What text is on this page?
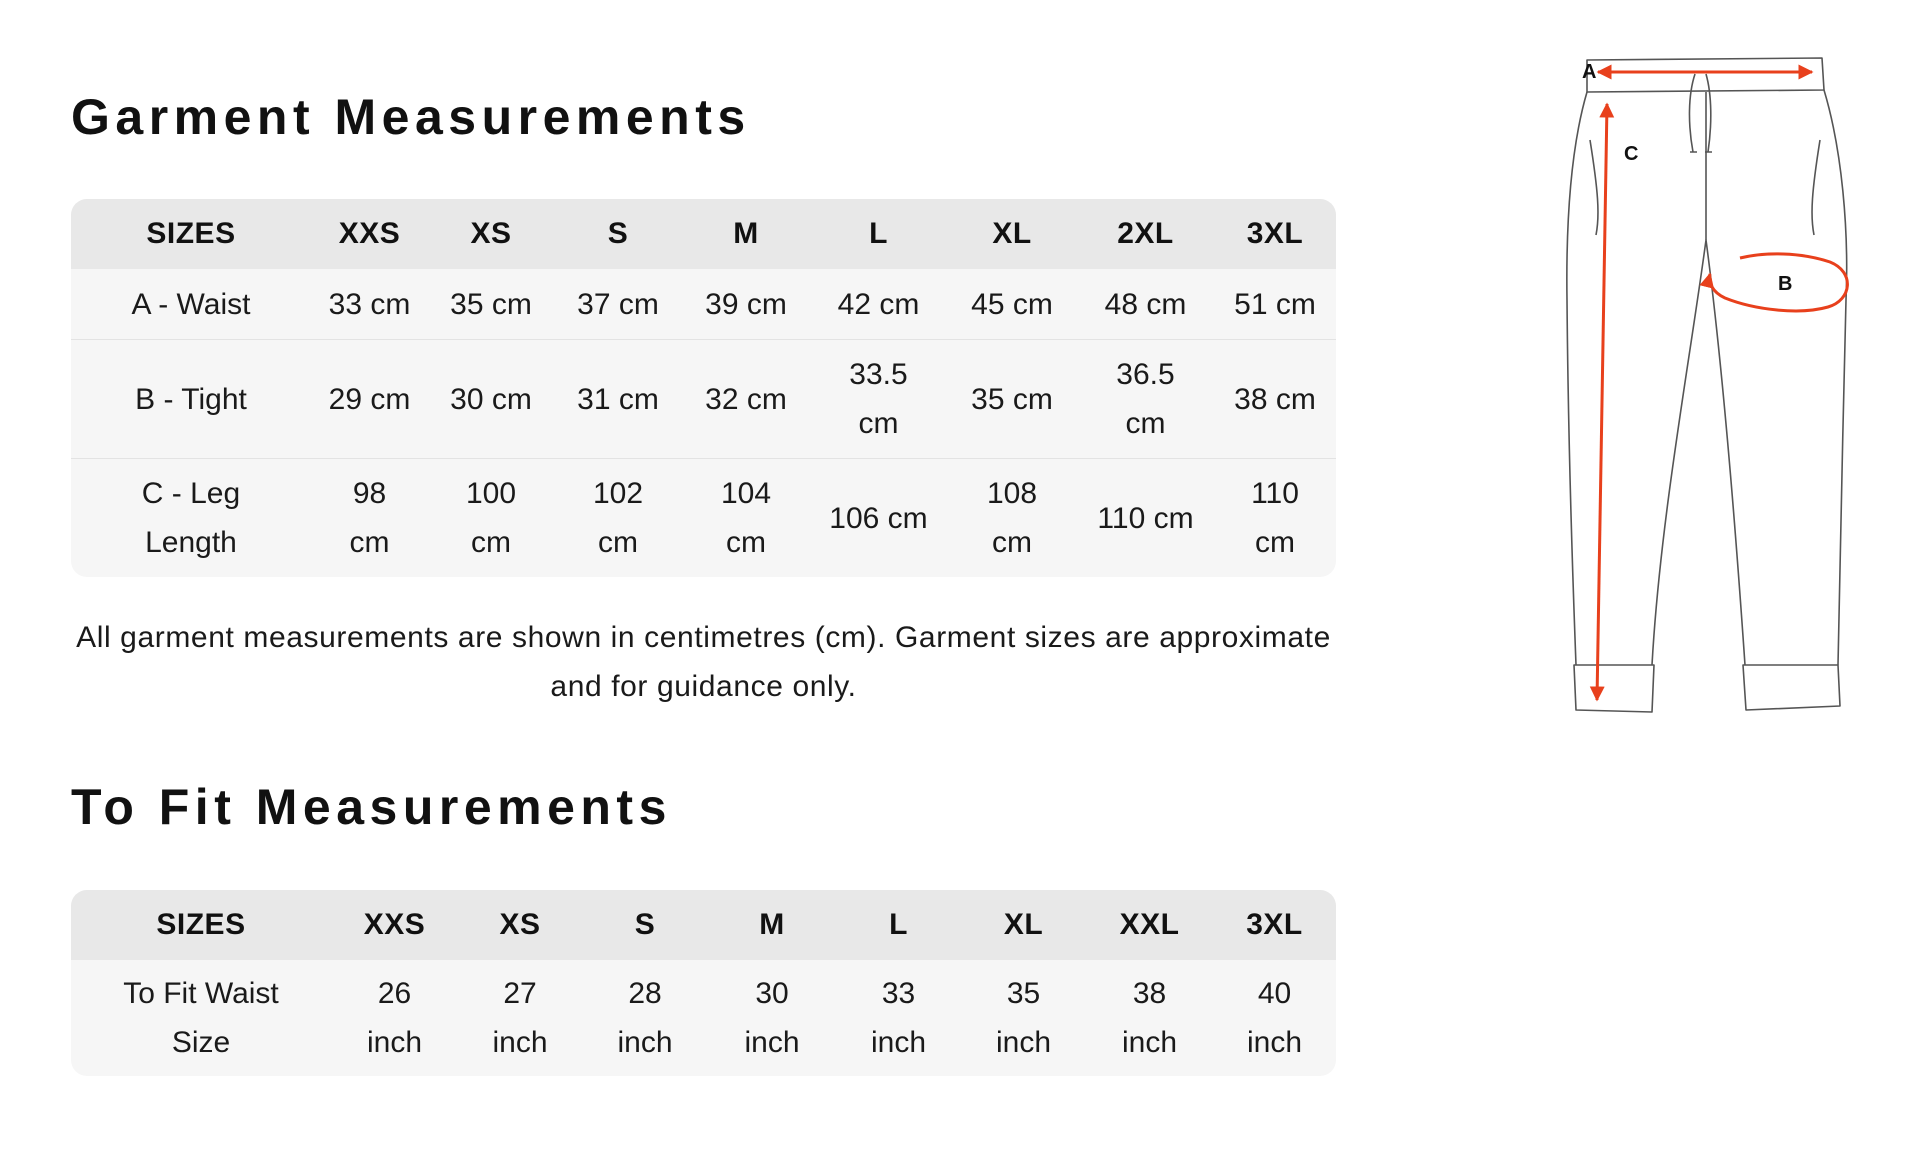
Garment Measurements
SIZES	XXS	XS	S	M	L	XL	2XL	3XL
A - Waist	33 cm	35 cm	37 cm	39 cm	42 cm	45 cm	48 cm	51 cm
B - Tight	29 cm	30 cm	31 cm	32 cm	33.5 cm	35 cm	36.5 cm	38 cm
C - Leg Length	98 cm	100 cm	102 cm	104 cm	106 cm	108 cm	110 cm	110 cm

All garment measurements are shown in centimetres (cm). Garment sizes are approximate and for guidance only.

To Fit Measurements
SIZES	XXS	XS	S	M	L	XL	XXL	3XL
To Fit Waist Size	26 inch	27 inch	28 inch	30 inch	33 inch	35 inch	38 inch	40 inch
A
C
B
